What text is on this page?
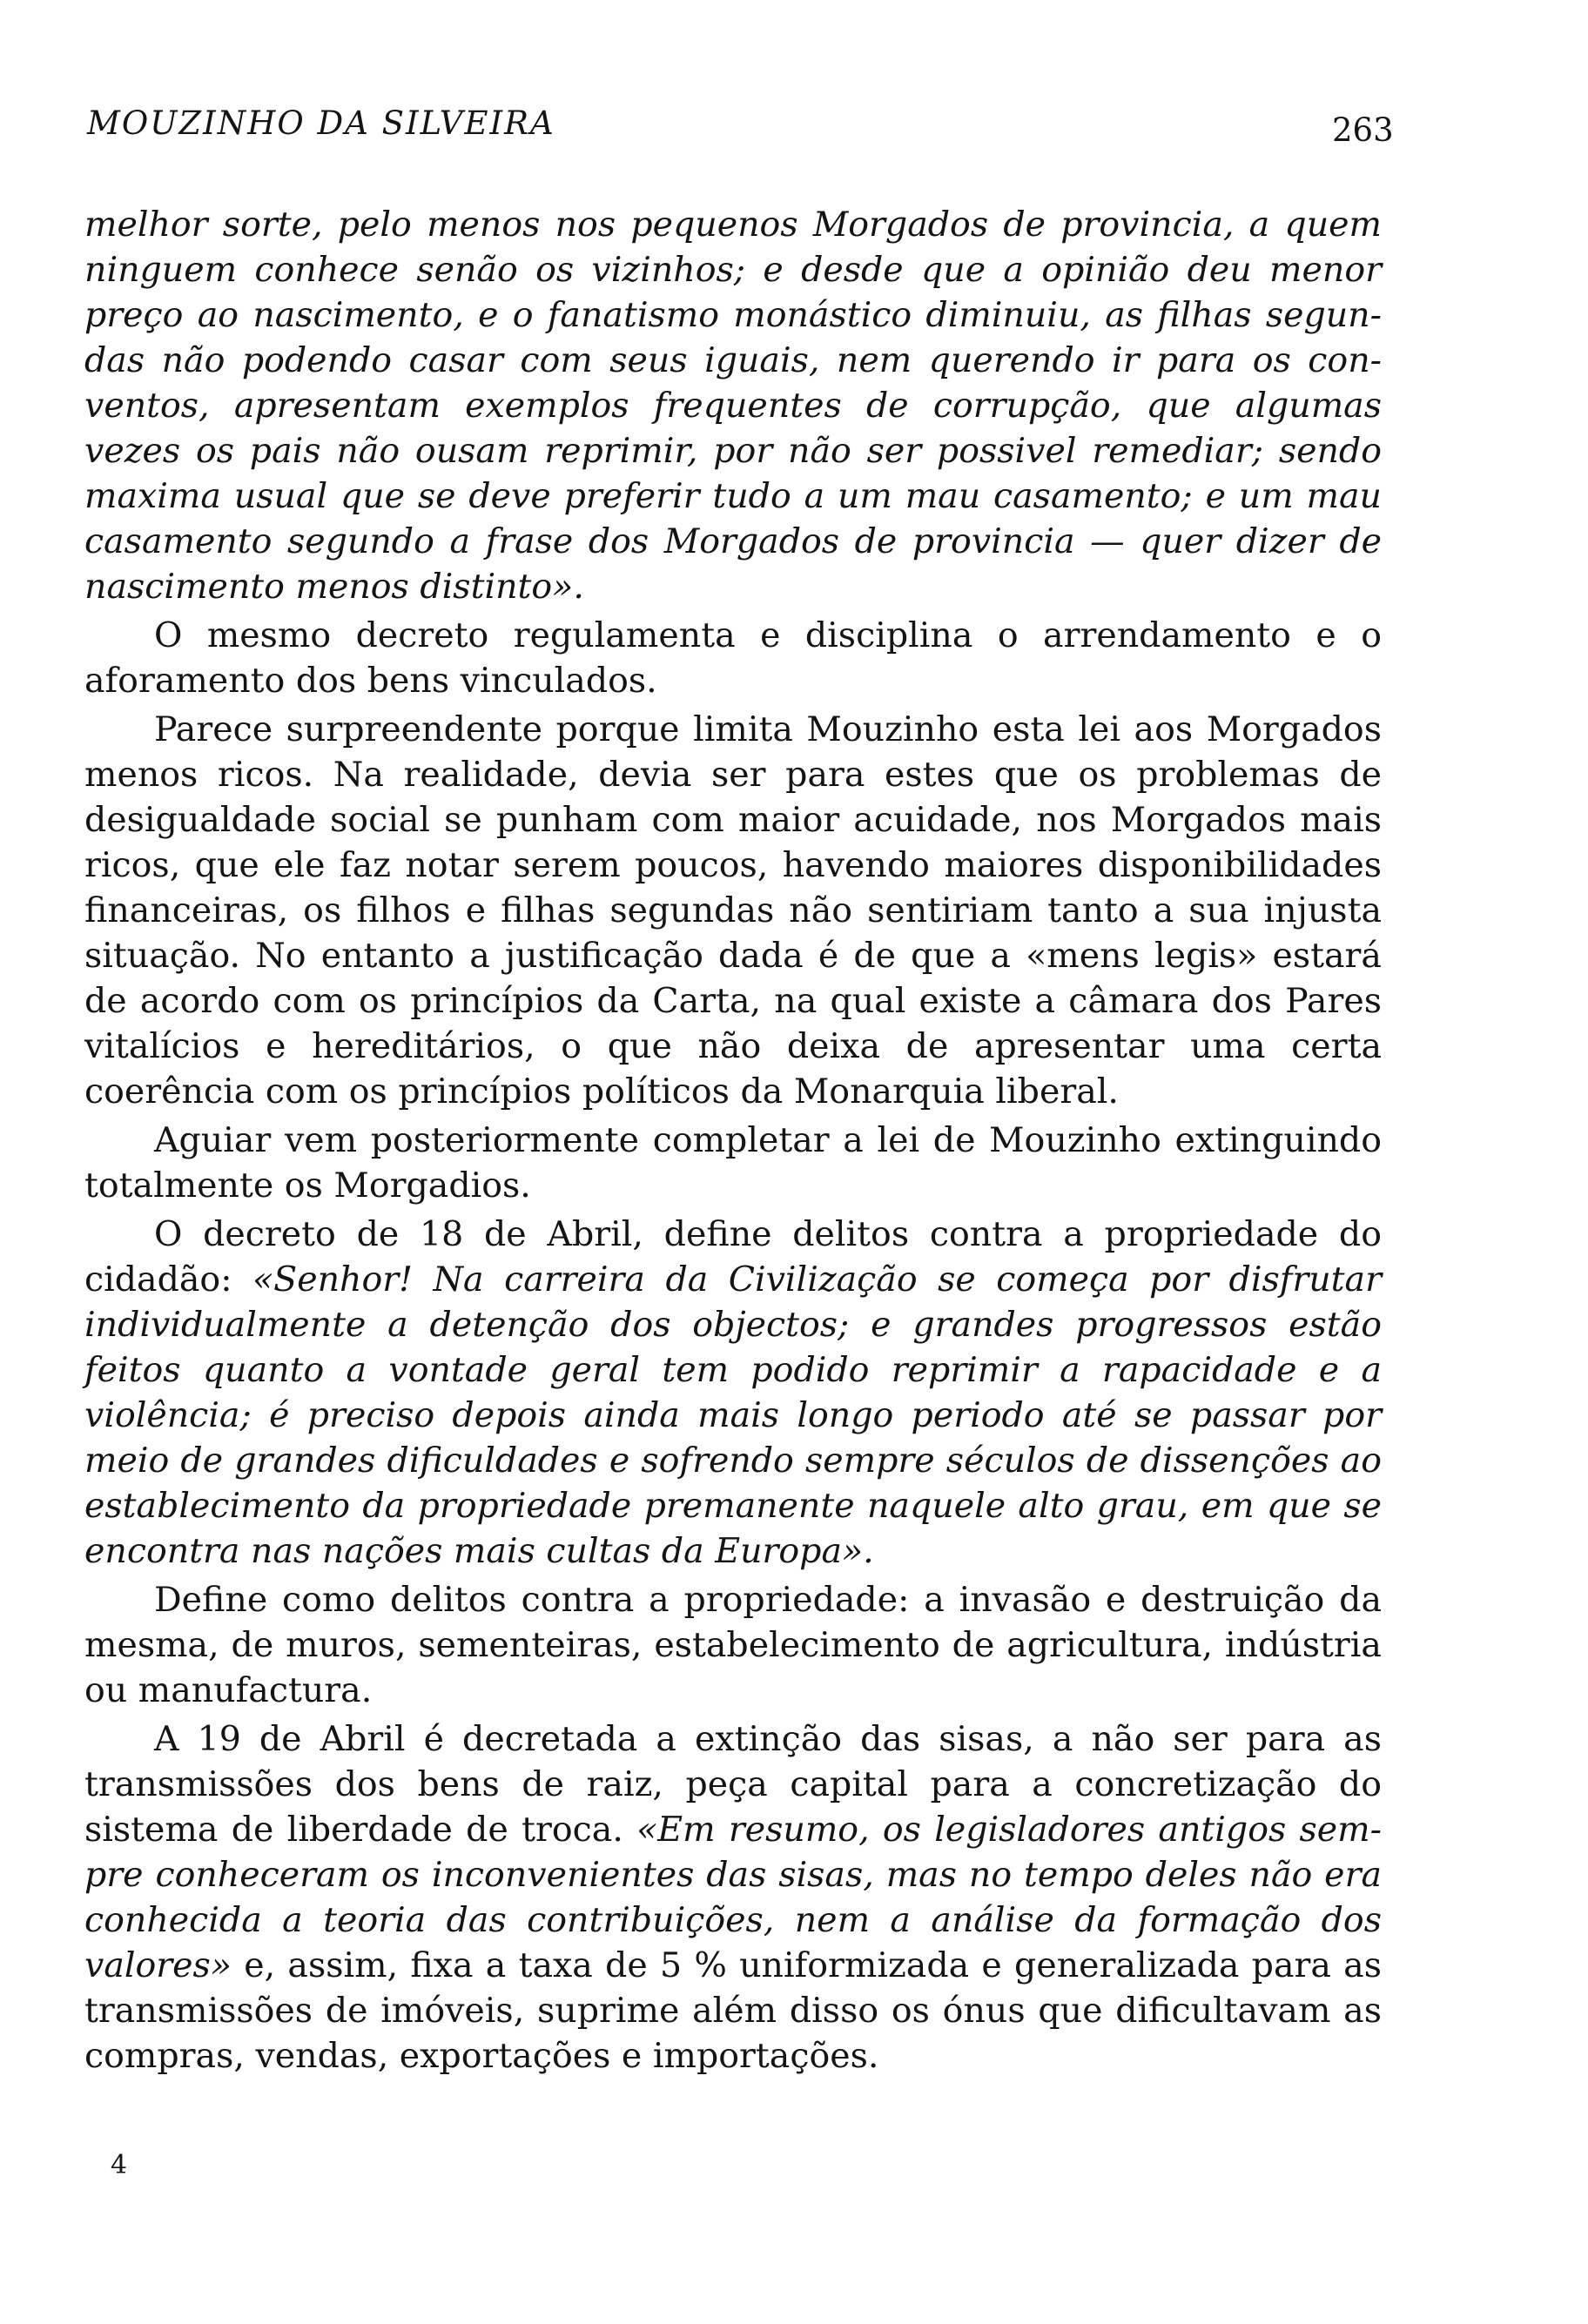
MOUZINHO DA SILVEIRA	263

melhor sorte, pelo menos nos pequenos Morgados de provincia, a quem ninguem conhece senão os vizinhos; e desde que a opinião deu menor preço ao nascimento, e o fanatismo monástico diminuiu, as filhas segundas não podendo casar com seus iguais, nem querendo ir para os conventos, apresentam exemplos frequentes de corrupção, que algumas vezes os pais não ousam reprimir, por não ser possivel remediar; sendo maxima usual que se deve preferir tudo a um mau casamento; e um mau casamento segundo a frase dos Morgados de provincia — quer dizer de nascimento menos distinto».

O mesmo decreto regulamenta e disciplina o arrendamento e o aforamento dos bens vinculados.

Parece surpreendente porque limita Mouzinho esta lei aos Morgados menos ricos. Na realidade, devia ser para estes que os problemas de desigualdade social se punham com maior acuidade, nos Morgados mais ricos, que ele faz notar serem poucos, havendo maiores disponibilidades financeiras, os filhos e filhas segundas não sentiriam tanto a sua injusta situação. No entanto a justificação dada é de que a «mens legis» estará de acordo com os princípios da Carta, na qual existe a câmara dos Pares vitalícios e hereditários, o que não deixa de apresentar uma certa coerência com os princípios políticos da Monarquia liberal.

Aguiar vem posteriormente completar a lei de Mouzinho extinguindo totalmente os Morgadios.

O decreto de 18 de Abril, define delitos contra a propriedade do cidadão: «Senhor! Na carreira da Civilização se começa por disfrutar individualmente a detenção dos objectos; e grandes progressos estão feitos quanto a vontade geral tem podido reprimir a rapacidade e a violência; é preciso depois ainda mais longo periodo até se passar por meio de grandes dificuldades e sofrendo sempre séculos de dissenções ao establecimento da propriedade premanente naquele alto grau, em que se encontra nas nações mais cultas da Europa».

Define como delitos contra a propriedade: a invasão e destruição da mesma, de muros, sementeiras, estabelecimento de agricultura, indústria ou manufactura.

A 19 de Abril é decretada a extinção das sisas, a não ser para as transmissões dos bens de raiz, peça capital para a concretização do sistema de liberdade de troca. «Em resumo, os legisladores antigos sempre conheceram os inconvenientes das sisas, mas no tempo deles não era conhecida a teoria das contribuições, nem a análise da formação dos valores» e, assim, fixa a taxa de 5 % uniformizada e generalizada para as transmissões de imóveis, suprime além disso os ónus que dificultavam as compras, vendas, exportações e importações.

4
